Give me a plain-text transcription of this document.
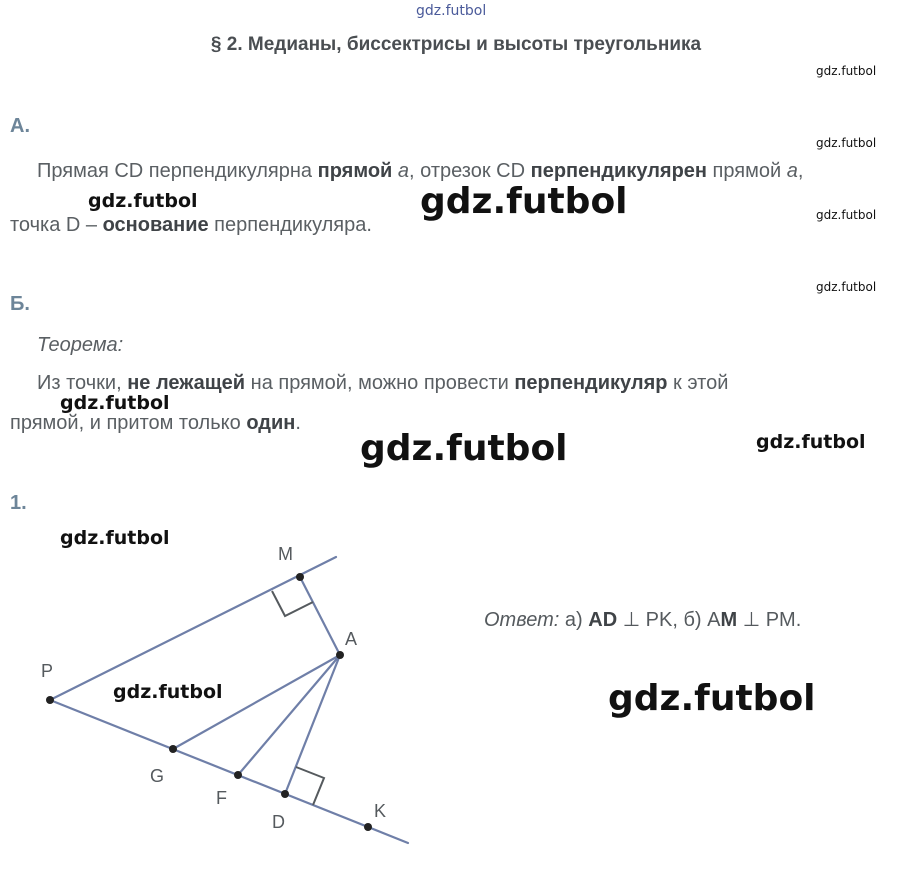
gdz.futbol
§ 2. Медианы, биссектрисы и высоты треугольника
gdz.futbol
gdz.futbol
gdz.futbol
gdz.futbol
А.
Прямая CD перпендикулярна прямой a, отрезок CD перпендикулярен прямой a,
точка D – основание перпендикуляра.
gdz.futbol	gdz.futbol
Б.
Теорема:
Из точки, не лежащей на прямой, можно провести перпендикуляр к этой
прямой, и притом только один.
gdz.futbol
gdz.futbol	gdz.futbol
1.
gdz.futbol
M
A
P
G
F
D
K
gdz.futbol
Ответ: а) AD ⊥ PK, б) АM ⊥ PM.
gdz.futbol
